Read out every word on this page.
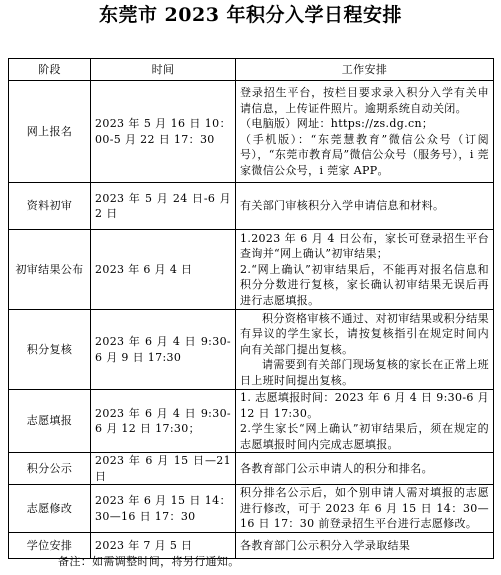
东莞市 2023 年积分入学日程安排
阶段	时间	工作安排
网上报名	2023 年 5 月 16 日 10：00-5 月 22 日 17：30	登录招生平台，按栏目要求录入积分入学有关申请信息，上传证件照片。逾期系统自动关闭。

（电脑版）网址：https://zs.dg.cn；

（手机版）：“东莞慧教育”微信公众号（订阅号），“东莞市教育局”微信公众号（服务号），i 莞家微信公众号，i 莞家 APP。

资料初审	2023 年 5 月 24 日-6 月 2 日	有关部门审核积分入学申请信息和材料。

初审结果公布	2023 年 6 月 4 日	1.2023 年 6 月 4 日公布，家长可登录招生平台查询并“网上确认”初审结果；

2.“网上确认”初审结果后，不能再对报名信息和积分分数进行复核，家长确认初审结果无误后再进行志愿填报。

积分复核	2023 年 6 月 4 日 9:30-6 月 9 日 17:30	积分资格审核不通过、对初审结果或积分结果有异议的学生家长，请按复核指引在规定时间内向有关部门提出复核。

请需要到有关部门现场复核的家长在正常上班日上班时间提出复核。

志愿填报	2023 年 6 月 4 日 9:30-6 月 12 日 17:30；	1. 志愿填报时间：2023 年 6 月 4 日 9:30-6 月 12 日 17:30。

2.学生家长“网上确认”初审结果后，须在规定的志愿填报时间内完成志愿填报。

积分公示	2023 年 6 月 15 日—21 日	各教育部门公示申请人的积分和排名。

志愿修改	2023 年 6 月 15 日 14：30—16 日 17：30	积分排名公示后，如个别申请人需对填报的志愿进行修改，可于 2023 年 6 月 15 日 14：30—16 日 17：30 前登录招生平台进行志愿修改。

学位安排	2023 年 7 月 5 日	各教育部门公示积分入学录取结果

备注：如需调整时间，将另行通知。
